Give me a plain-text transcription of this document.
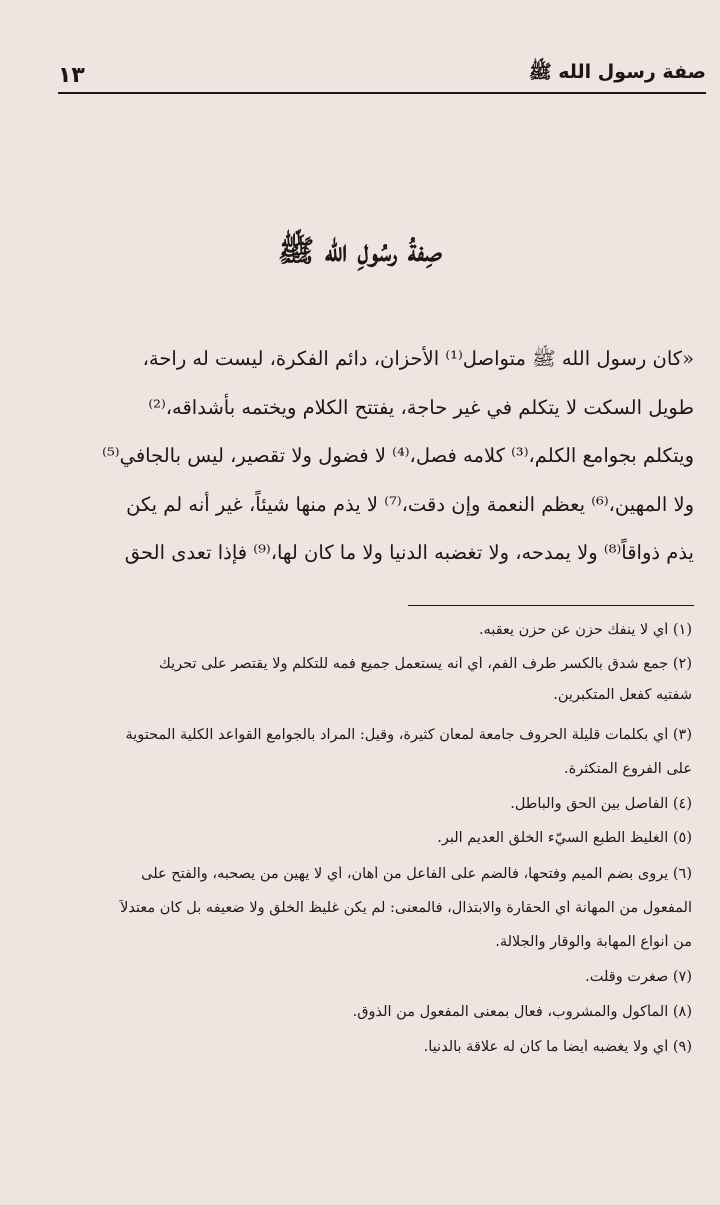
صفة رسول الله ﷺ
١٣
صِفةُ رسُولِ الله ﷺ
«كان رسول الله ﷺ متواصل⁽¹⁾ الأحزان، دائم الفكرة، ليست له راحة،
طويل السكت لا يتكلم في غير حاجة، يفتتح الكلام ويختمه بأشداقه،⁽²⁾
ويتكلم بجوامع الكلم،⁽³⁾ كلامه فصل،⁽⁴⁾ لا فضول ولا تقصير، ليس بالجافي⁽⁵⁾
ولا المهين،⁽⁶⁾ يعظم النعمة وإن دقت،⁽⁷⁾ لا يذم منها شيئاً، غير أنه لم يكن
يذم ذواقاً⁽⁸⁾ ولا يمدحه، ولا تغضبه الدنيا ولا ما كان لها،⁽⁹⁾ فإذا تعدى الحق
(١) أي لا ينفك حزن عن حزن يعقبه.
(٢) جمع شدق بالكسر طرف الفم، أي أنه يستعمل جميع فمه للتكلم ولا يقتصر على تحريك
شفتيه كفعل المتكبرين.
(٣) أي بكلمات قليلة الحروف جامعة لمعان كثيرة، وقيل: المراد بالجوامع القواعد الكلية المحتوية
على الفروع المتكثرة.
(٤) الفاصل بين الحق والباطل.
(٥) الغليظ الطبع السيّء الخلق العديم البر.
(٦) يروى بضم الميم وفتحها، فالضم على الفاعل من أهان، أي لا يهين من يصحبه، والفتح على
المفعول من المهانة أي الحقارة والابتذال، فالمعنى: لم يكن غليظ الخلق ولا ضعيفه بل كان معتدلاً
من أنواع المهابة والوقار والجلالة.
(٧) صغرت وقلت.
(٨) المأكول والمشروب، فعال بمعنى المفعول من الذوق.
(٩) أي ولا يغضبه أيضاً ما كان له علاقة بالدنيا.
